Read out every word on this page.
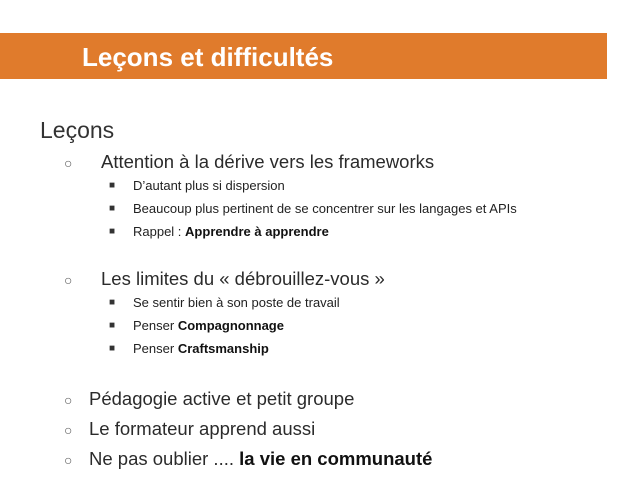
Leçons et difficultés
Leçons
○ Attention à la dérive vers les frameworks
■ D’autant plus si dispersion
■ Beaucoup plus pertinent de se concentrer sur les langages et APIs
■ Rappel : Apprendre à apprendre
○ Les limites du « débrouillez-vous »
■ Se sentir bien à son poste de travail
■ Penser Compagnonnage
■ Penser Craftsmanship
○ Pédagogie active et petit groupe
○ Le formateur apprend aussi
○ Ne pas oublier .... la vie en communauté
